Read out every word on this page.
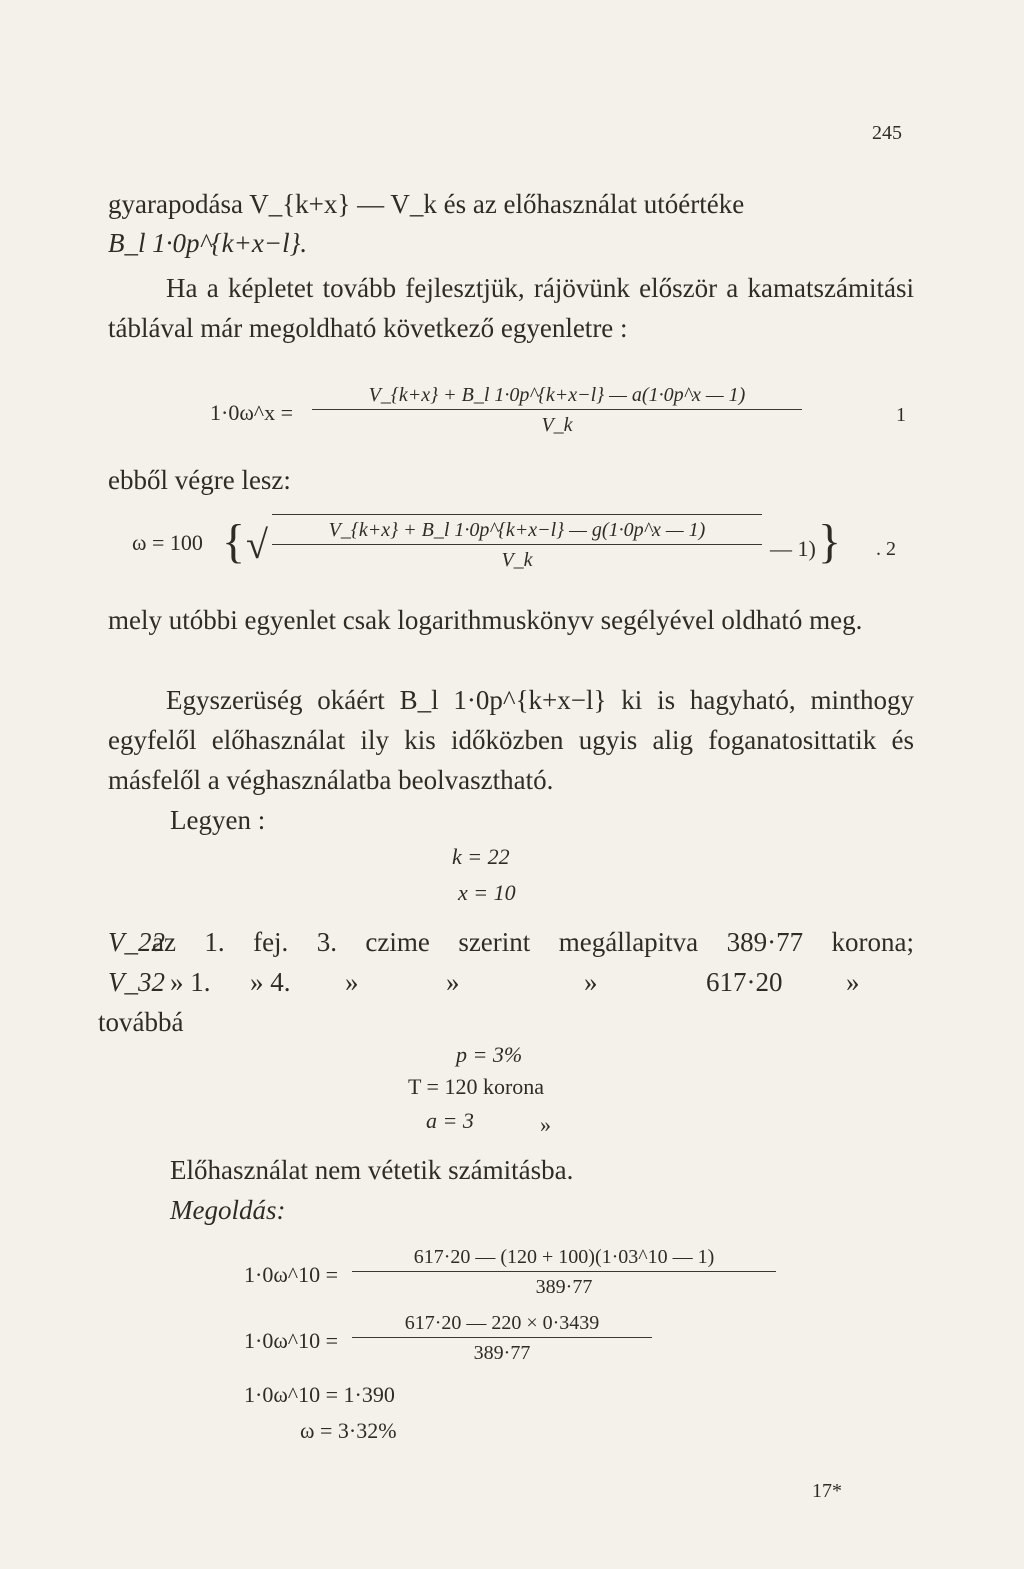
245
gyarapodása V_{k+x} — V_k és az előhasználat utóértéke
B_l 1·0p^{k+x−l}.
Ha a képletet tovább fejlesztjük, rájövünk először a kamatszámitási táblával már megoldható következő egyenletre :
1·0ω^x =
V_{k+x} + B_l 1·0p^{k+x−l} — a(1·0p^x — 1)
V_k	1
ebből végre lesz:
ω = 100 { √	V_{k+x} + B_l 1·0p^{k+x−l} — g(1·0p^x — 1)
V_k	— 1) } . 2
mely utóbbi egyenlet csak logarithmuskönyv segélyével oldható meg.
Egyszerüség okáért B_l 1·0p^{k+x−l} ki is hagyható, minthogy egyfelől előhasználat ily kis időközben ugyis alig foganatosittatik és másfelől a véghasználatba beolvasztható.
Legyen :
k = 22
x = 10
V_22
az 1. fej. 3. czime szerint megállapitva 389·77 korona;
V_32 » 1. » 4. »	»	»	617·20 »
továbbá
p = 3%
T = 120 korona
a = 3	»
Előhasználat nem vétetik számitásba.
Megoldás:
1·0ω^10 =
617·20 — (120 + 100)(1·03^10 — 1)
389·77
1·0ω^10 =
617·20 — 220 × 0·3439
389·77
1·0ω^10 = 1·390
ω = 3·32%
17*
